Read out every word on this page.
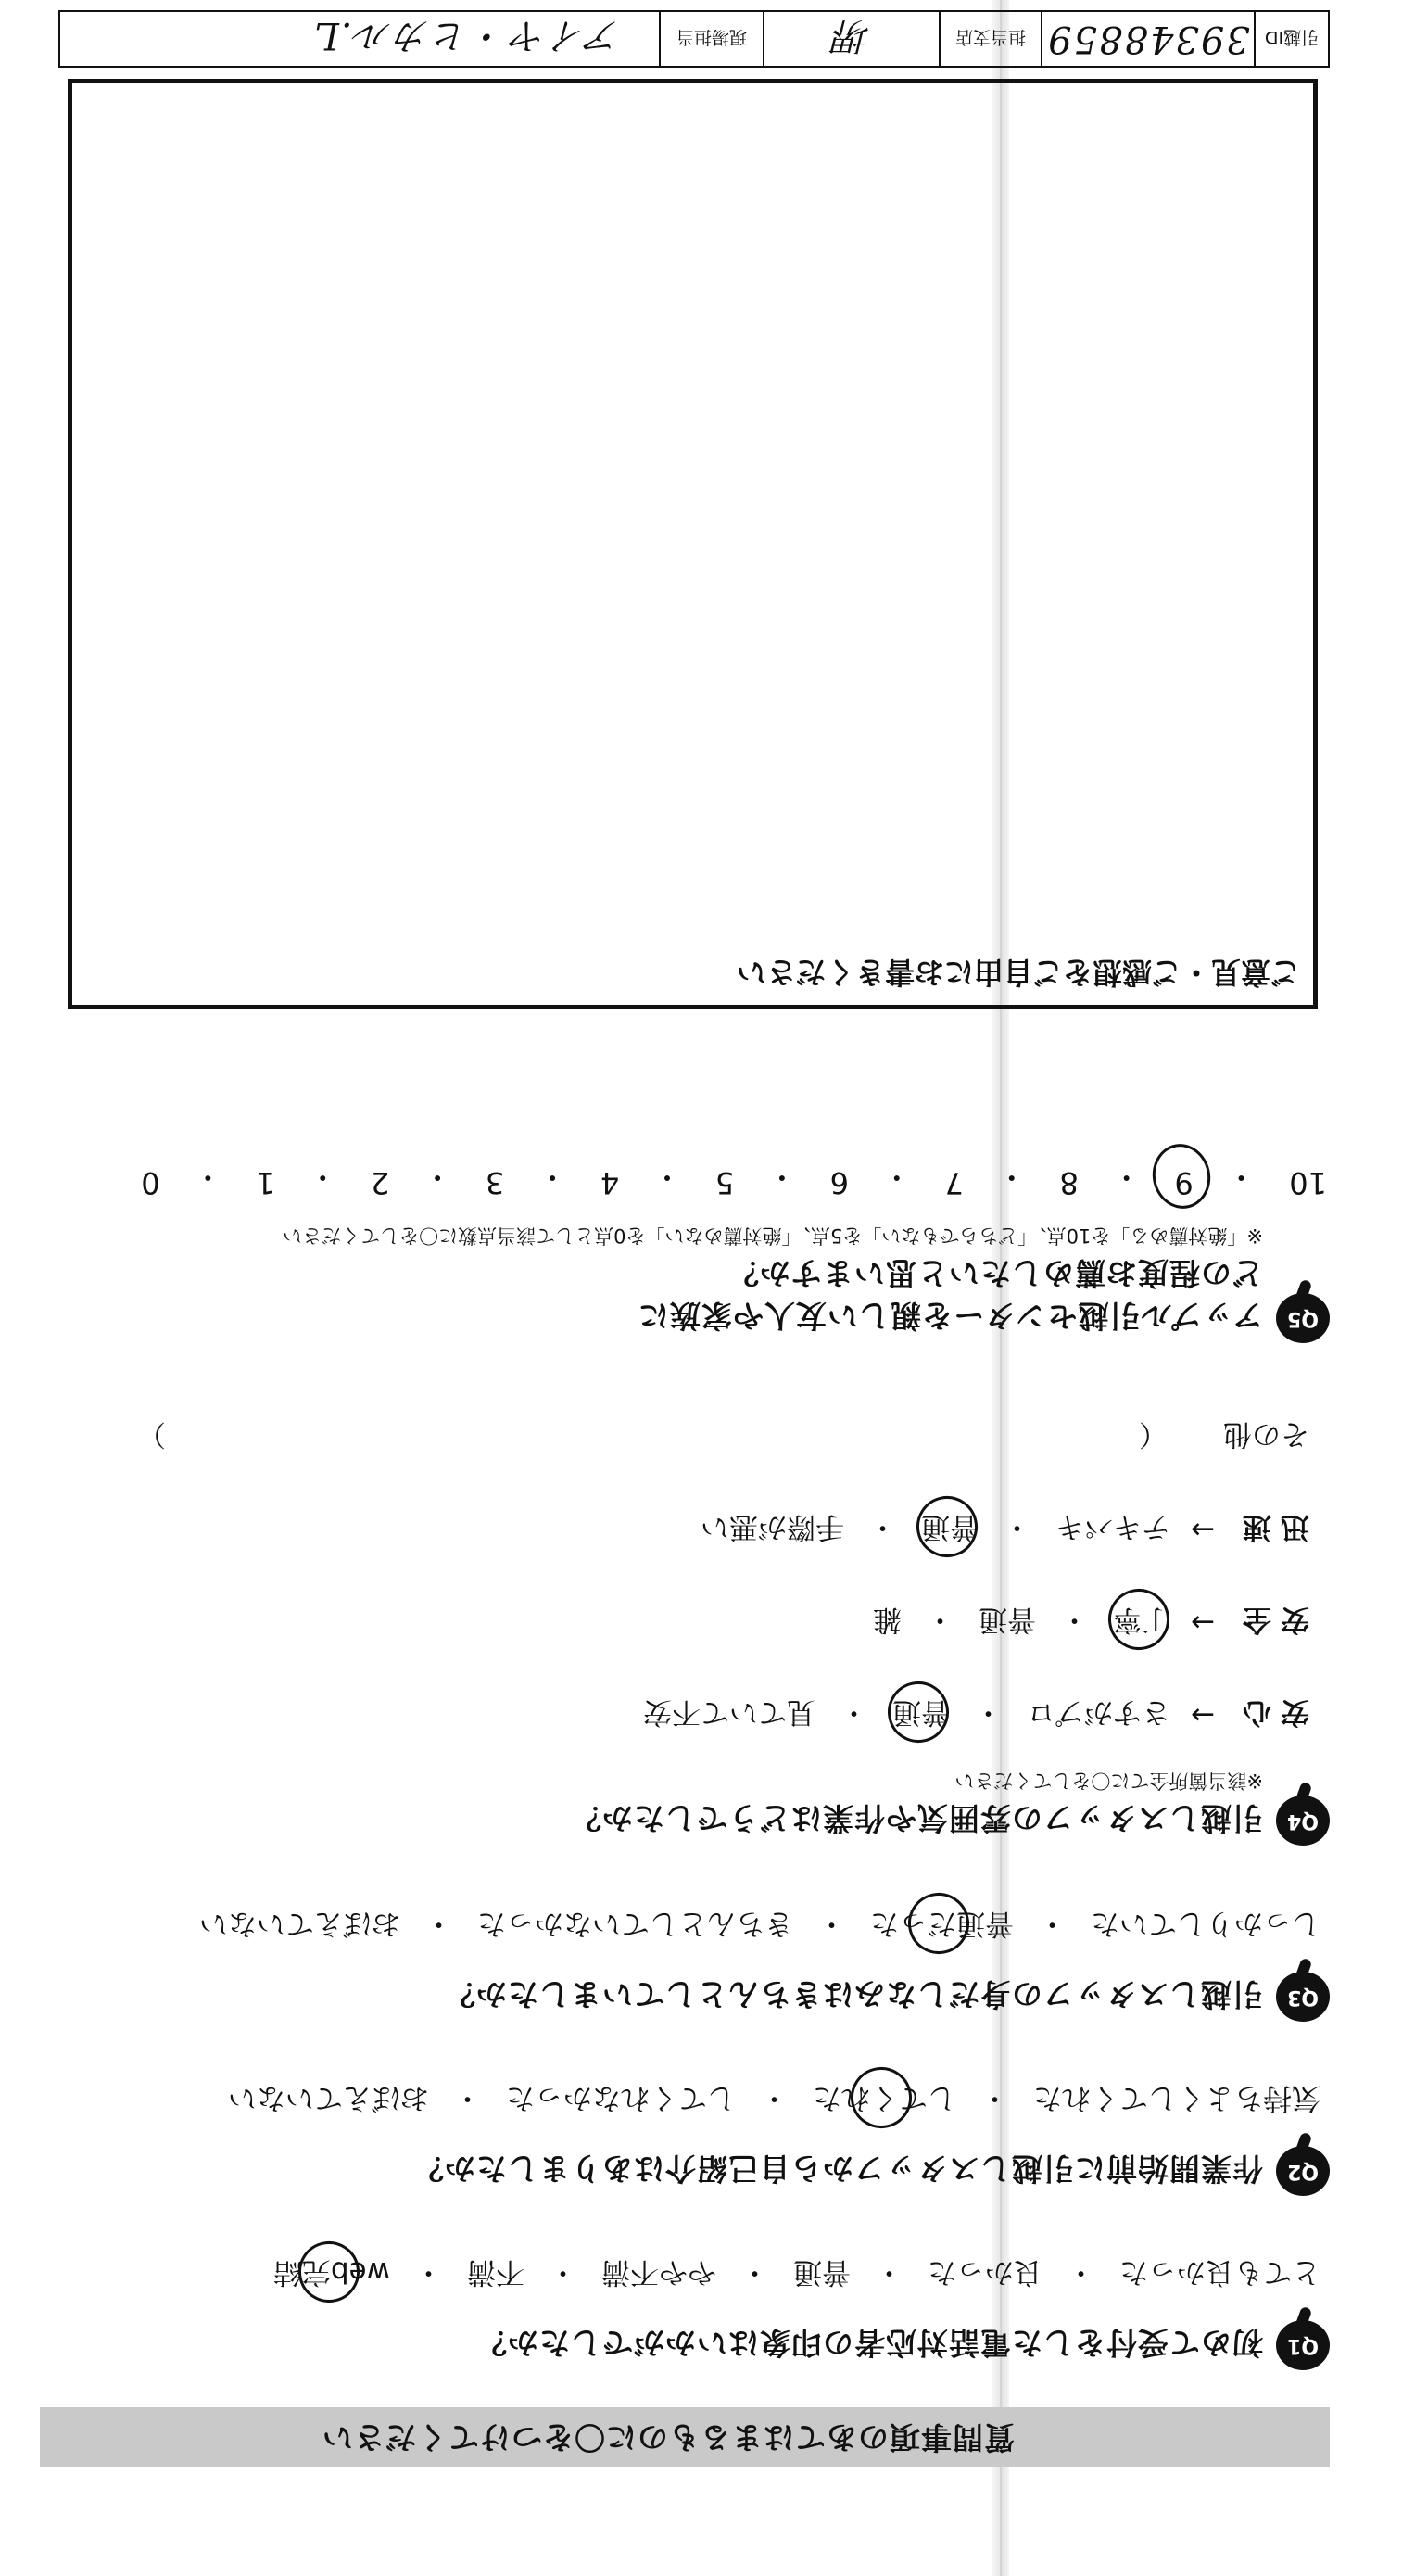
質問事項のあてはまるものに〇をつけてください
Q1
初めて受付をした電話対応者の印象はいかがでしたか？
とても良かった
・
良かった
・
普通
・
やや不満
・
不満
・
web完結
Q2
作業開始前に引越しスタッフから自己紹介はありましたか？
気持ちよくしてくれた
・
してくれた
・
してくれなかった
・
おぼえていない
Q3
引越しスタッフの身だしなみはきちんとしていましたか？
しっかりしていた
・
普通だった
・
きちんとしていなかった
・
おぼえていない
Q4
引越しスタッフの雰囲気や作業はどうでしたか？
※該当箇所全てに〇をしてください
安心
→
さすがプロ
・
普通
・
見ていて不安
安全
→
丁寧
・
普通
・
雑
迅速
→
テキパキ
・
普通
・
手際が悪い
その他
（
）
Q5
アップル引越センターを親しい友人や家族に
どの程度お薦めしたいと思いますか？
※「絶対薦める」を10点、「どちらでもない」を5点、「絶対薦めない」を0点として該当点数に〇をしてください
10
・
9
・
8
・
7
・
6
・
5
・
4
・
3
・
2
・
1
・
0
ご意見・ご感想をご自由にお書きください
引越ID
39348859
担当支店
堺
現場担当
アイヤ・ヒカル.L
